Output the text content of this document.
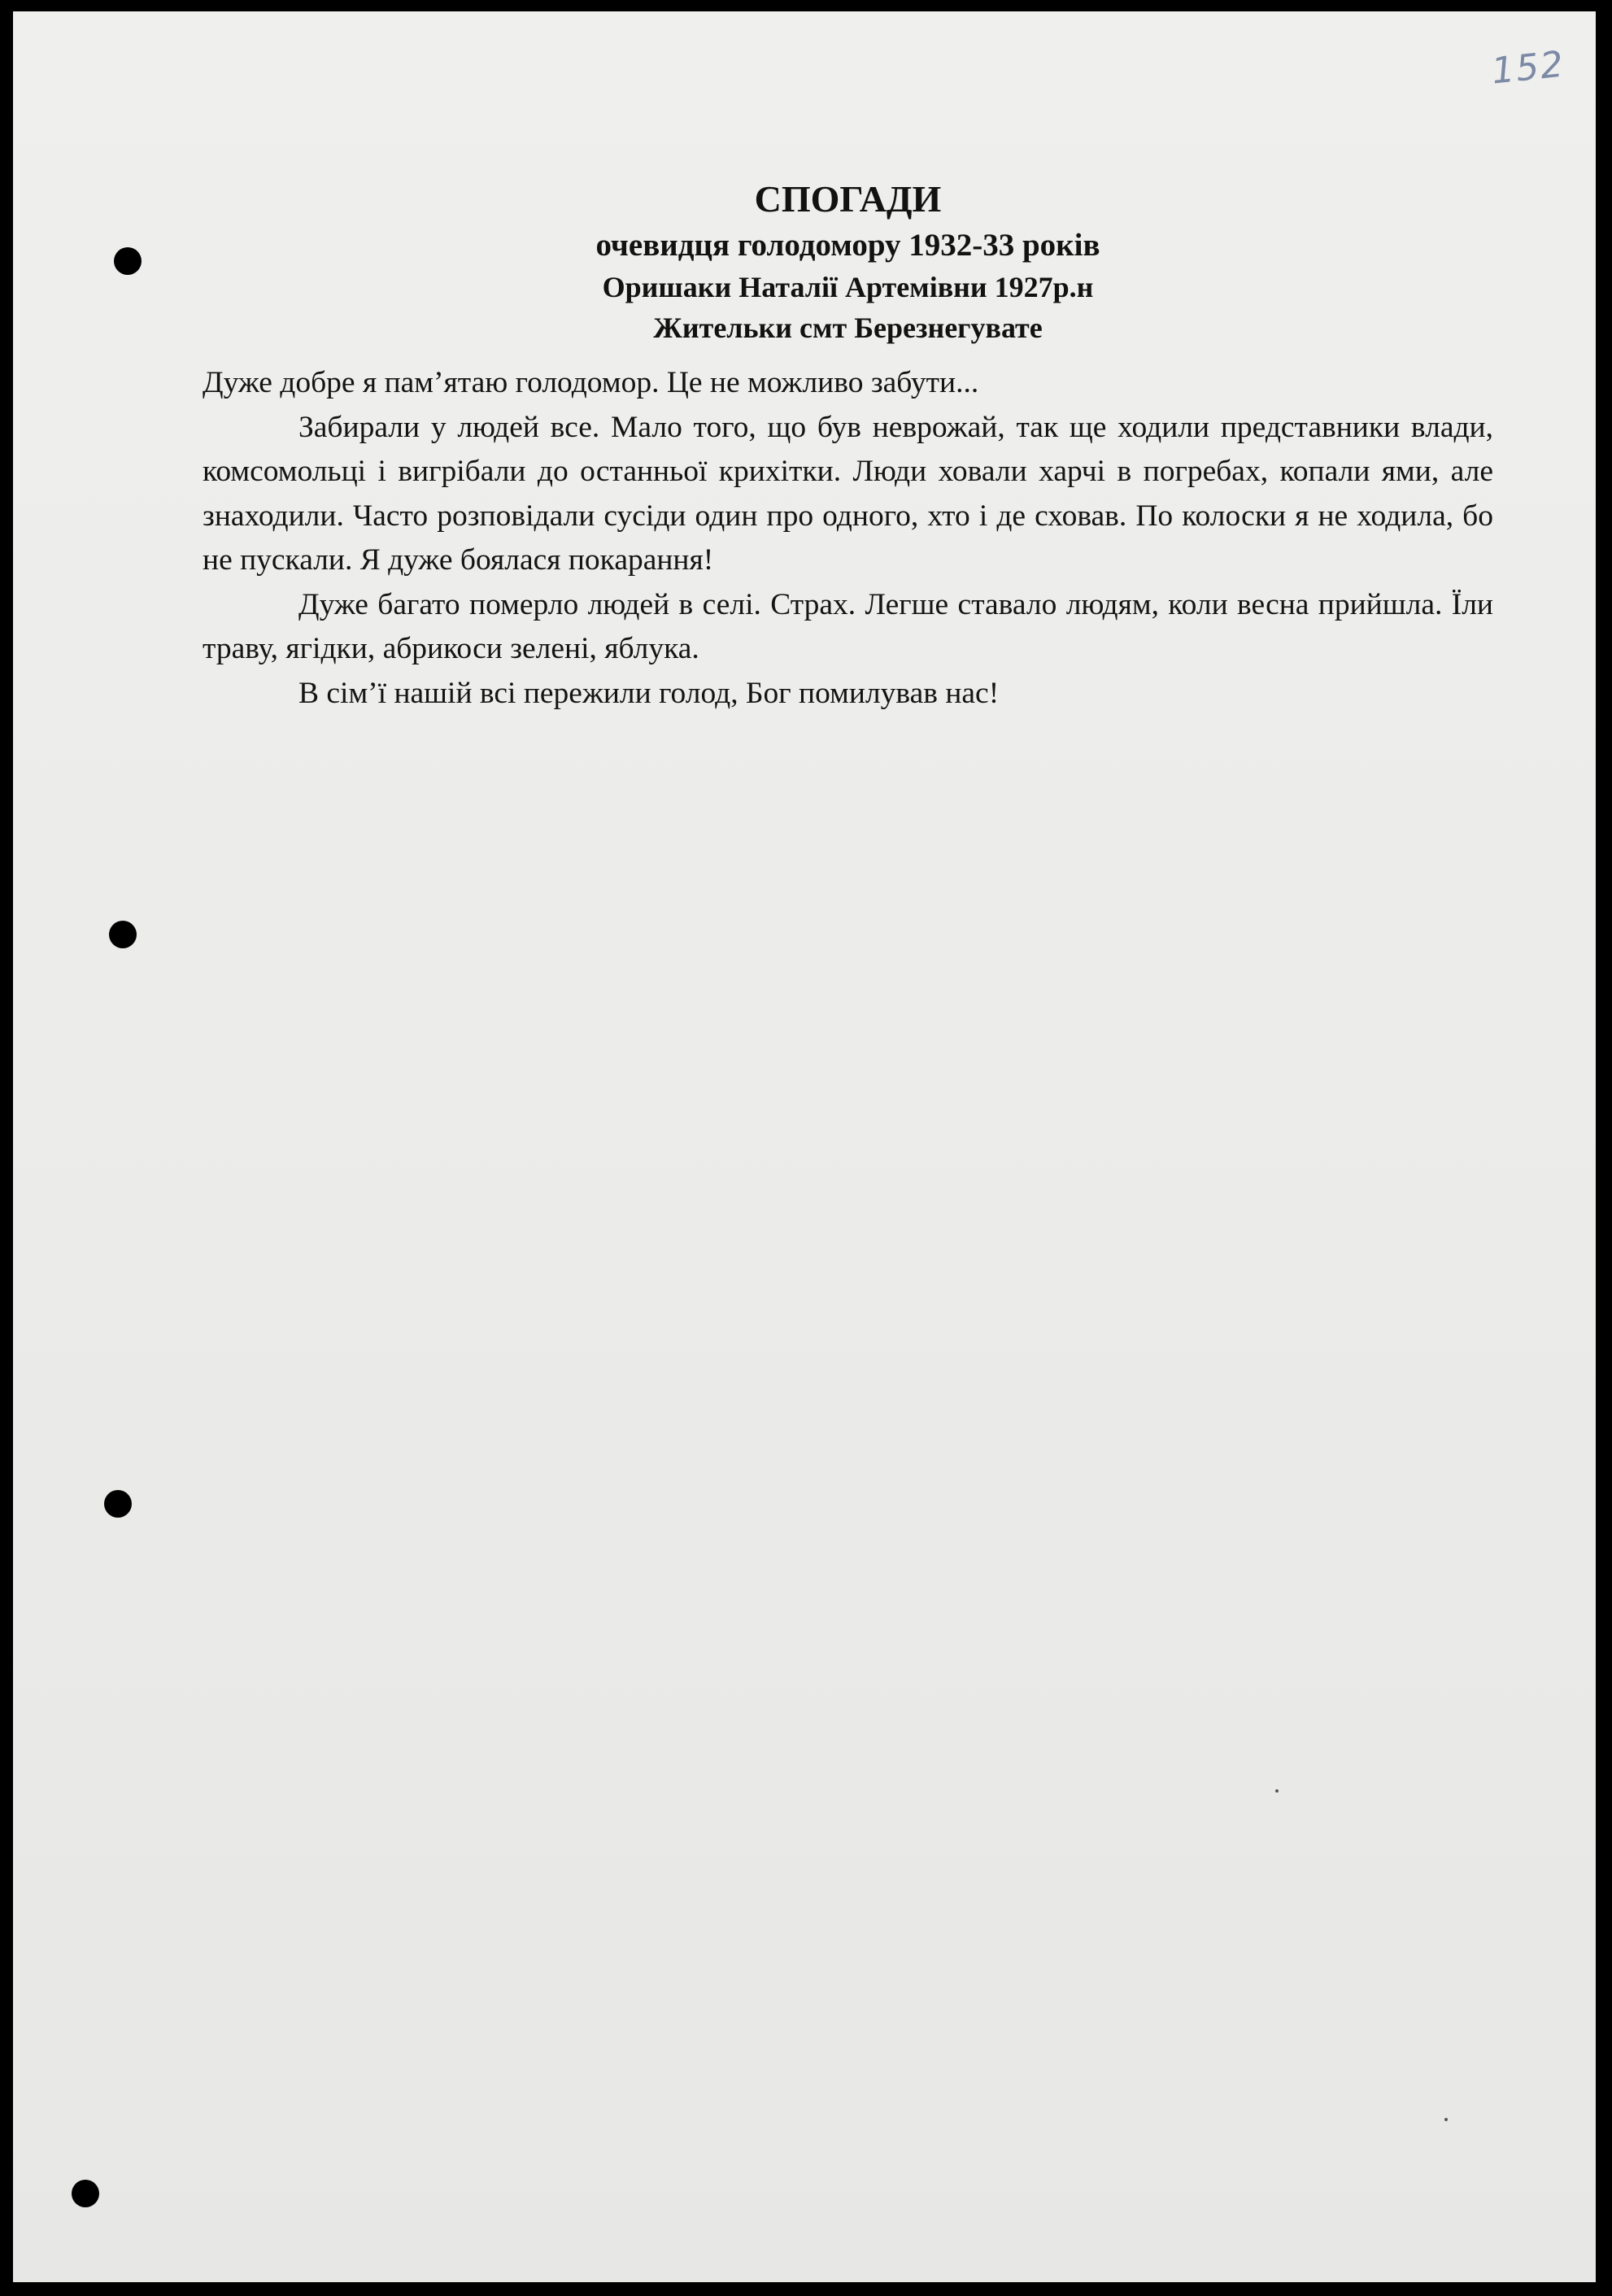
152
СПОГАДИ
очевидця голодомору 1932-33 років
Оришаки Наталії Артемівни 1927р.н
Жительки смт Березнегувате

Дуже добре я пам’ятаю голодомор. Це не можливо забути...

Забирали у людей все. Мало того, що був неврожай, так ще ходили представники влади, комсомольці і вигрібали до останньої крихітки. Люди ховали харчі в погребах, копали ями, але знаходили. Часто розповідали сусіди один про одного, хто і де сховав. По колоски я не ходила, бо не пускали. Я дуже боялася покарання!

Дуже багато померло людей в селі. Страх. Легше ставало людям, коли весна прийшла. Їли траву, ягідки, абрикоси зелені, яблука.

В сім’ї нашій всі пережили голод, Бог помилував нас!
